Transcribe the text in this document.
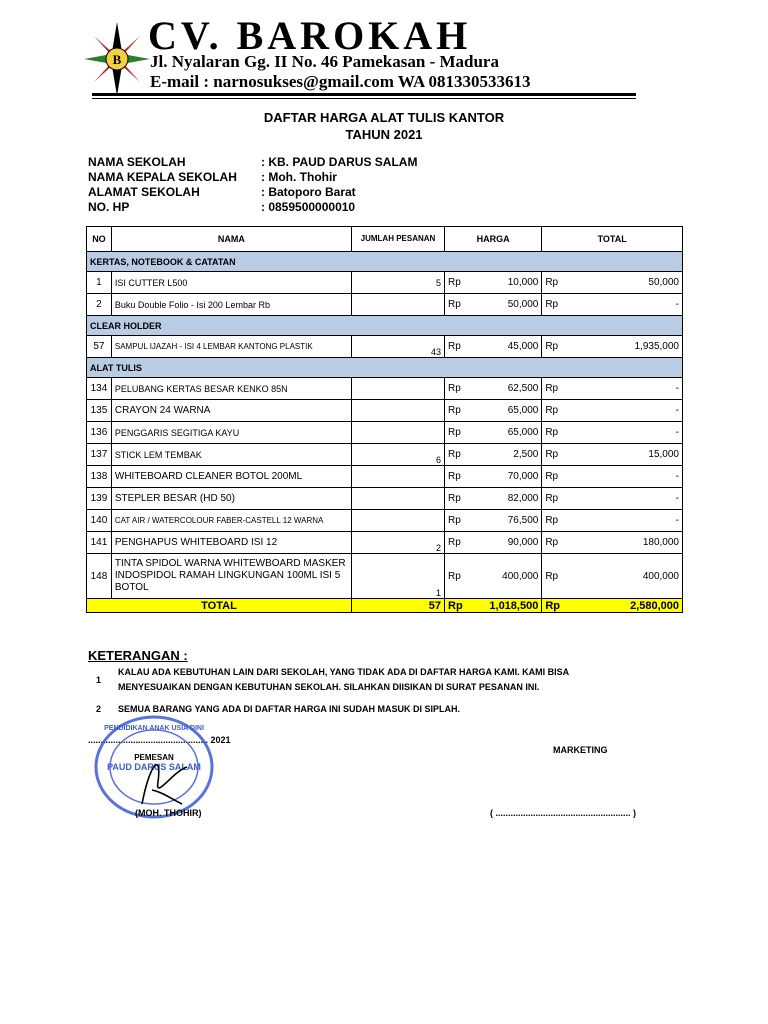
B
CV. BAROKAH
Jl. Nyalaran Gg. II No. 46 Pamekasan - Madura
E-mail : narnosukses@gmail.com WA 081330533613
DAFTAR HARGA ALAT TULIS KANTOR
TAHUN 2021
NAMA SEKOLAH	: KB. PAUD DARUS SALAM
NAMA KEPALA SEKOLAH	: Moh. Thohir
ALAMAT SEKOLAH	: Batoporo Barat
NO. HP	: 0859500000010
NO	NAMA	JUMLAH PESANAN	HARGA		TOTAL	
KERTAS, NOTEBOOK & CATATAN						
1	ISI CUTTER L500	5	Rp	10,000	Rp	50,000
2	Buku Double Folio - Isi 200 Lembar Rb		Rp	50,000	Rp	-
CLEAR HOLDER						
57	SAMPUL IJAZAH - ISI 4 LEMBAR KANTONG PLASTIK	43	Rp	45,000	Rp	1,935,000
ALAT TULIS						
134	PELUBANG KERTAS BESAR KENKO 85N		Rp	62,500	Rp	-
135	CRAYON 24 WARNA		Rp	65,000	Rp	-
136	PENGGARIS SEGITIGA KAYU		Rp	65,000	Rp	-
137	STICK LEM TEMBAK	6	Rp	2,500	Rp	15,000
138	WHITEBOARD CLEANER BOTOL 200ML		Rp	70,000	Rp	-
139	STEPLER BESAR (HD 50)		Rp	82,000	Rp	-
140	CAT AIR / WATERCOLOUR FABER-CASTELL 12 WARNA		Rp	76,500	Rp	-
141	PENGHAPUS WHITEBOARD ISI 12	2	Rp	90,000	Rp	180,000
148	TINTA SPIDOL WARNA WHITEWBOARD MASKER INDOSPIDOL RAMAH LINGKUNGAN 100ML ISI 5 BOTOL	1	Rp	400,000	Rp	400,000
TOTAL		57	Rp	1,018,500	Rp	2,580,000
KETERANGAN :
1
KALAU ADA KEBUTUHAN LAIN DARI SEKOLAH, YANG TIDAK ADA DI DAFTAR HARGA KAMI. KAMI BISA MENYESUAIKAN DENGAN KEBUTUHAN SEKOLAH. SILAHKAN DIISIKAN DI SURAT PESANAN INI.
2	SEMUA BARANG YANG ADA DI DAFTAR HARGA INI SUDAH MASUK DI SIPLAH.
................................................ 2021
PENDIDIKAN ANAK USIA DINI
PAUD DARUS SALAM
PEMESAN
MARKETING
(MOH. THOHIR)	( ...................................................... )
